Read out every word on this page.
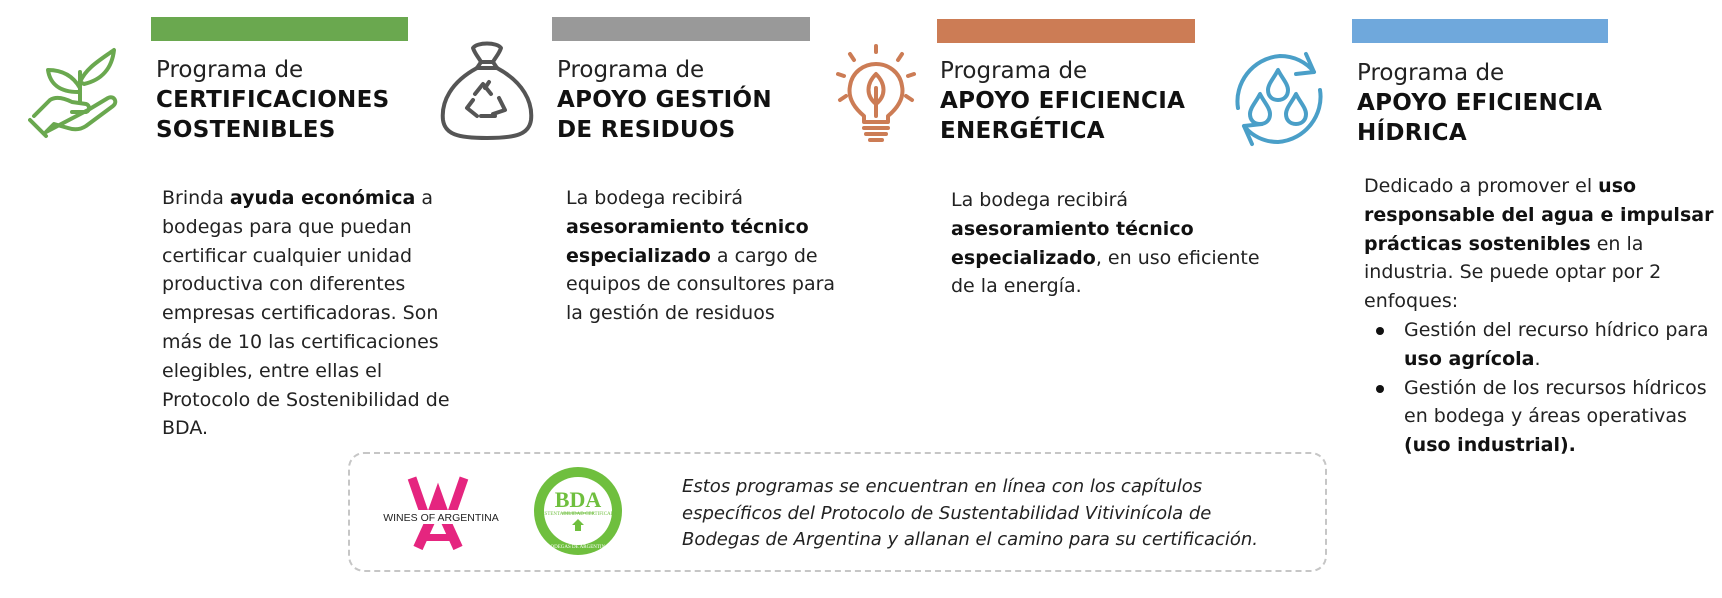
Programa de
CERTIFICACIONES
SOSTENIBLES
Programa de
APOYO GESTIÓN
DE RESIDUOS
Programa de
APOYO EFICIENCIA
ENERGÉTICA
Programa de
APOYO EFICIENCIA
HÍDRICA
Brinda ayuda económica a bodegas para que puedan certificar cualquier unidad productiva con diferentes empresas certificadoras. Son más de 10 las certificaciones elegibles, entre ellas el Protocolo de Sostenibilidad de BDA.
La bodega recibirá asesoramiento técnico especializado a cargo de equipos de consultores para la gestión de residuos
La bodega recibirá asesoramiento técnico especializado, en uso eficiente de la energía.
Dedicado a promover el uso responsable del agua e impulsar prácticas sostenibles en la industria. Se puede optar por 2 enfoques:
Gestión del recurso hídrico para uso agrícola.
Gestión de los recursos hídricos en bodega y áreas operativas (uso industrial).
WINES OF ARGENTINA
BDA
SUSTENTABILIDAD CERTIFICADA
BODEGAS DE ARGENTINA
Estos programas se encuentran en línea con los capítulos específicos del Protocolo de Sustentabilidad Vitivinícola de Bodegas de Argentina y allanan el camino para su certificación.
